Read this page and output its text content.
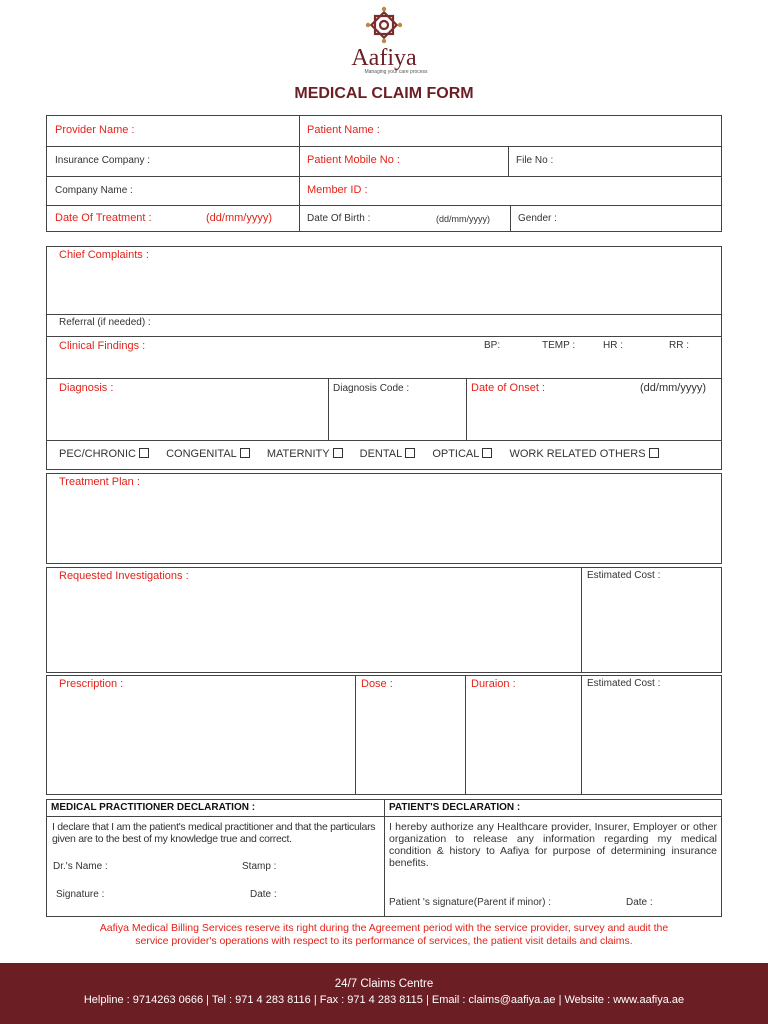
Aafiya
Managing your care process
MEDICAL CLAIM FORM
Provider Name :	Patient Name :
Insurance Company :	Patient Mobile No :	File No :
Company Name :	Member ID :
Date Of Treatment :	(dd/mm/yyyy)	Date Of Birth :	(dd/mm/yyyy)	Gender :
Chief Complaints :
Referral (if needed) :
Clinical Findings :	BP:	TEMP :	HR :	RR :
Diagnosis :	Diagnosis Code :	Date of Onset :	(dd/mm/yyyy)
PEC/CHRONIC	CONGENITAL	MATERNITY	DENTAL	OPTICAL	WORK RELATED OTHERS
Treatment Plan :
Requested Investigations :	Estimated Cost :
Prescription :	Dose :	Duraion :	Estimated Cost :
MEDICAL PRACTITIONER DECLARATION :
I declare that I am the patient's medical practitioner and that the particulars given are to the best of my knowledge true and correct.
Dr.'s Name :	Stamp :
Signature :	Date :
PATIENT'S DECLARATION :
I hereby authorize any Healthcare provider, Insurer, Employer or other organization to release any information regarding my medical condition & history to Aafiya for purpose of determining insurance benefits.
Patient 's signature(Parent if minor) :	Date :
Aafiya Medical Billing Services reserve its right during the Agreement period with the service provider, survey and audit the
service provider's operations with respect to its performance of services, the patient visit details and claims.
24/7 Claims Centre
Helpline : 9714263 0666 | Tel : 971 4 283 8116 | Fax : 971 4 283 8115 | Email : claims@aafiya.ae | Website : www.aafiya.ae
